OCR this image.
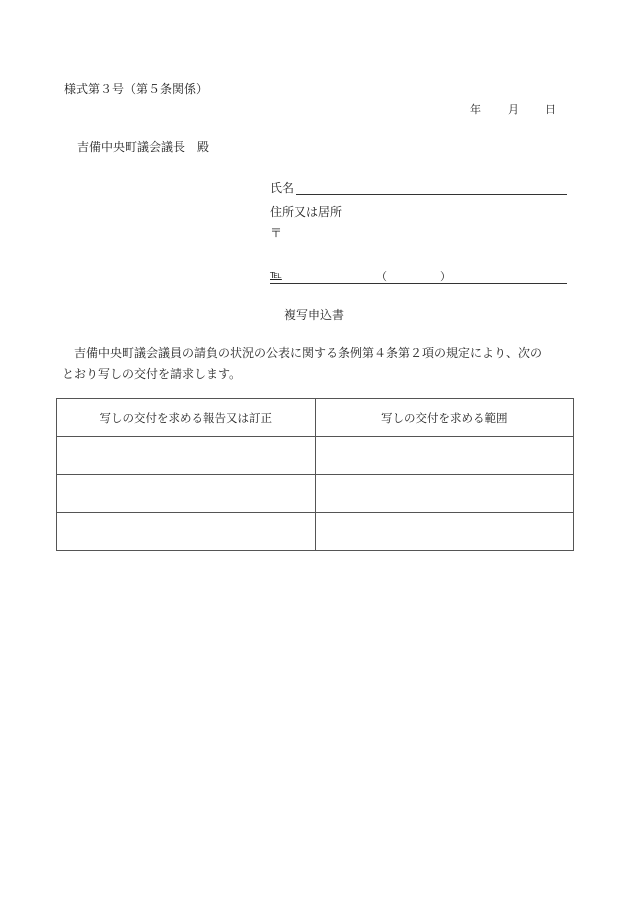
様式第３号（第５条関係）
年 月 日
吉備中央町議会議長　殿
氏名
住所又は居所
〒
℡	（	）
複写申込書
　吉備中央町議会議員の請負の状況の公表に関する条例第４条第２項の規定により、次の
とおり写しの交付を請求します。
写しの交付を求める報告又は訂正	写しの交付を求める範囲
